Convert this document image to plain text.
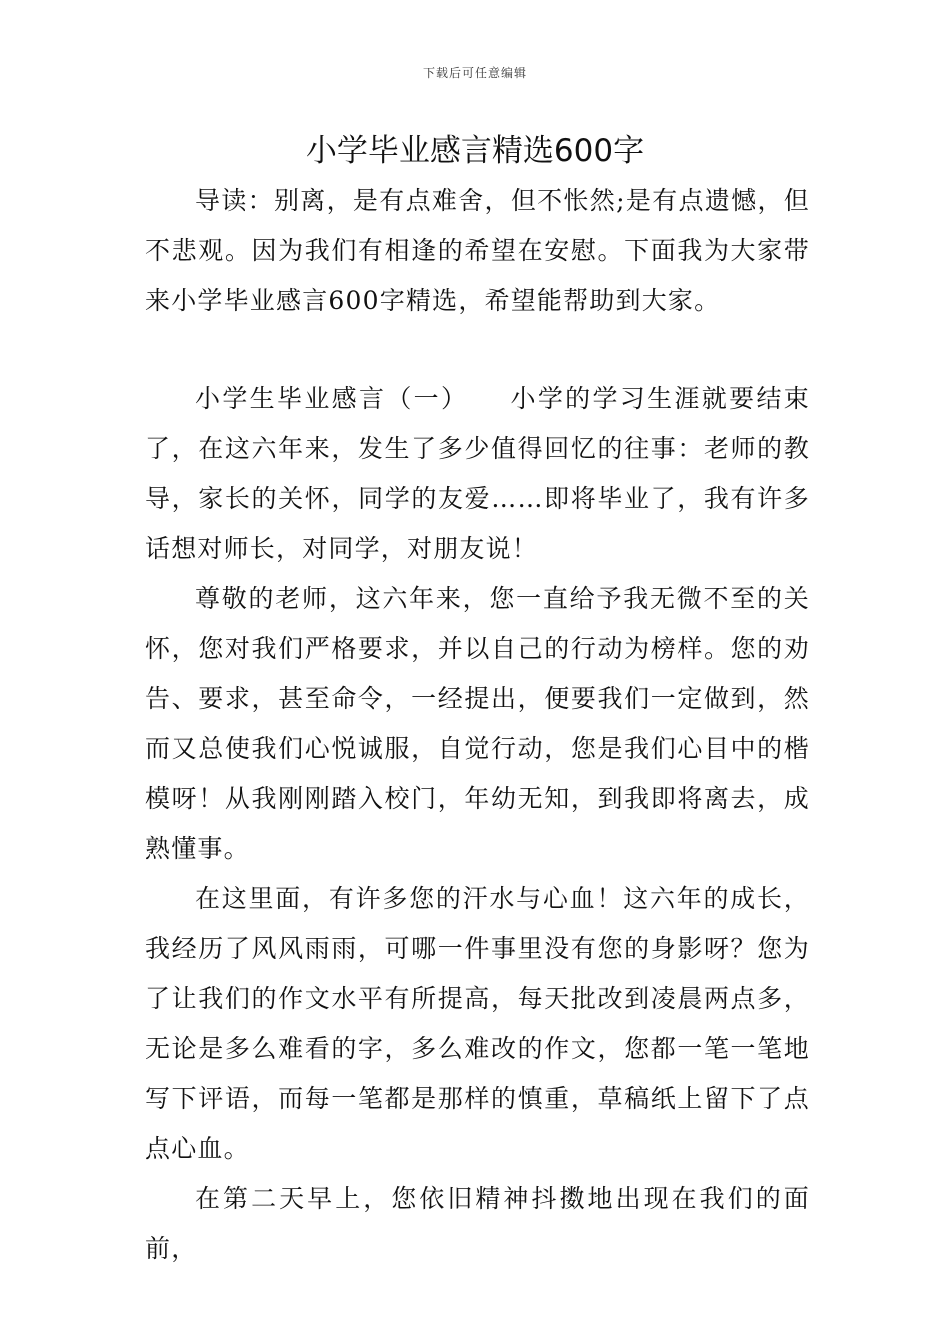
下载后可任意编辑
小学毕业感言精选600字

导读：别离，是有点难舍，但不怅然;是有点遗憾，但不悲观。因为我们有相逢的希望在安慰。下面我为大家带来小学毕业感言600字精选，希望能帮助到大家。

小学生毕业感言（一）　　 小学的学习生涯就要结束了，在这六年来，发生了多少值得回忆的往事：老师的教导，家长的关怀，同学的友爱……即将毕业了，我有许多话想对师长，对同学，对朋友说！

尊敬的老师，这六年来，您一直给予我无微不至的关怀，您对我们严格要求，并以自己的行动为榜样。您的劝告、要求，甚至命令，一经提出，便要我们一定做到，然而又总使我们心悦诚服，自觉行动，您是我们心目中的楷模呀！从我刚刚踏入校门，年幼无知，到我即将离去，成熟懂事。

在这里面，有许多您的汗水与心血！这六年的成长，我经历了风风雨雨，可哪一件事里没有您的身影呀？您为了让我们的作文水平有所提高，每天批改到凌晨两点多，无论是多么难看的字，多么难改的作文，您都一笔一笔地写下评语，而每一笔都是那样的慎重，草稿纸上留下了点点心血。

在第二天早上，您依旧精神抖擞地出现在我们的面前，
